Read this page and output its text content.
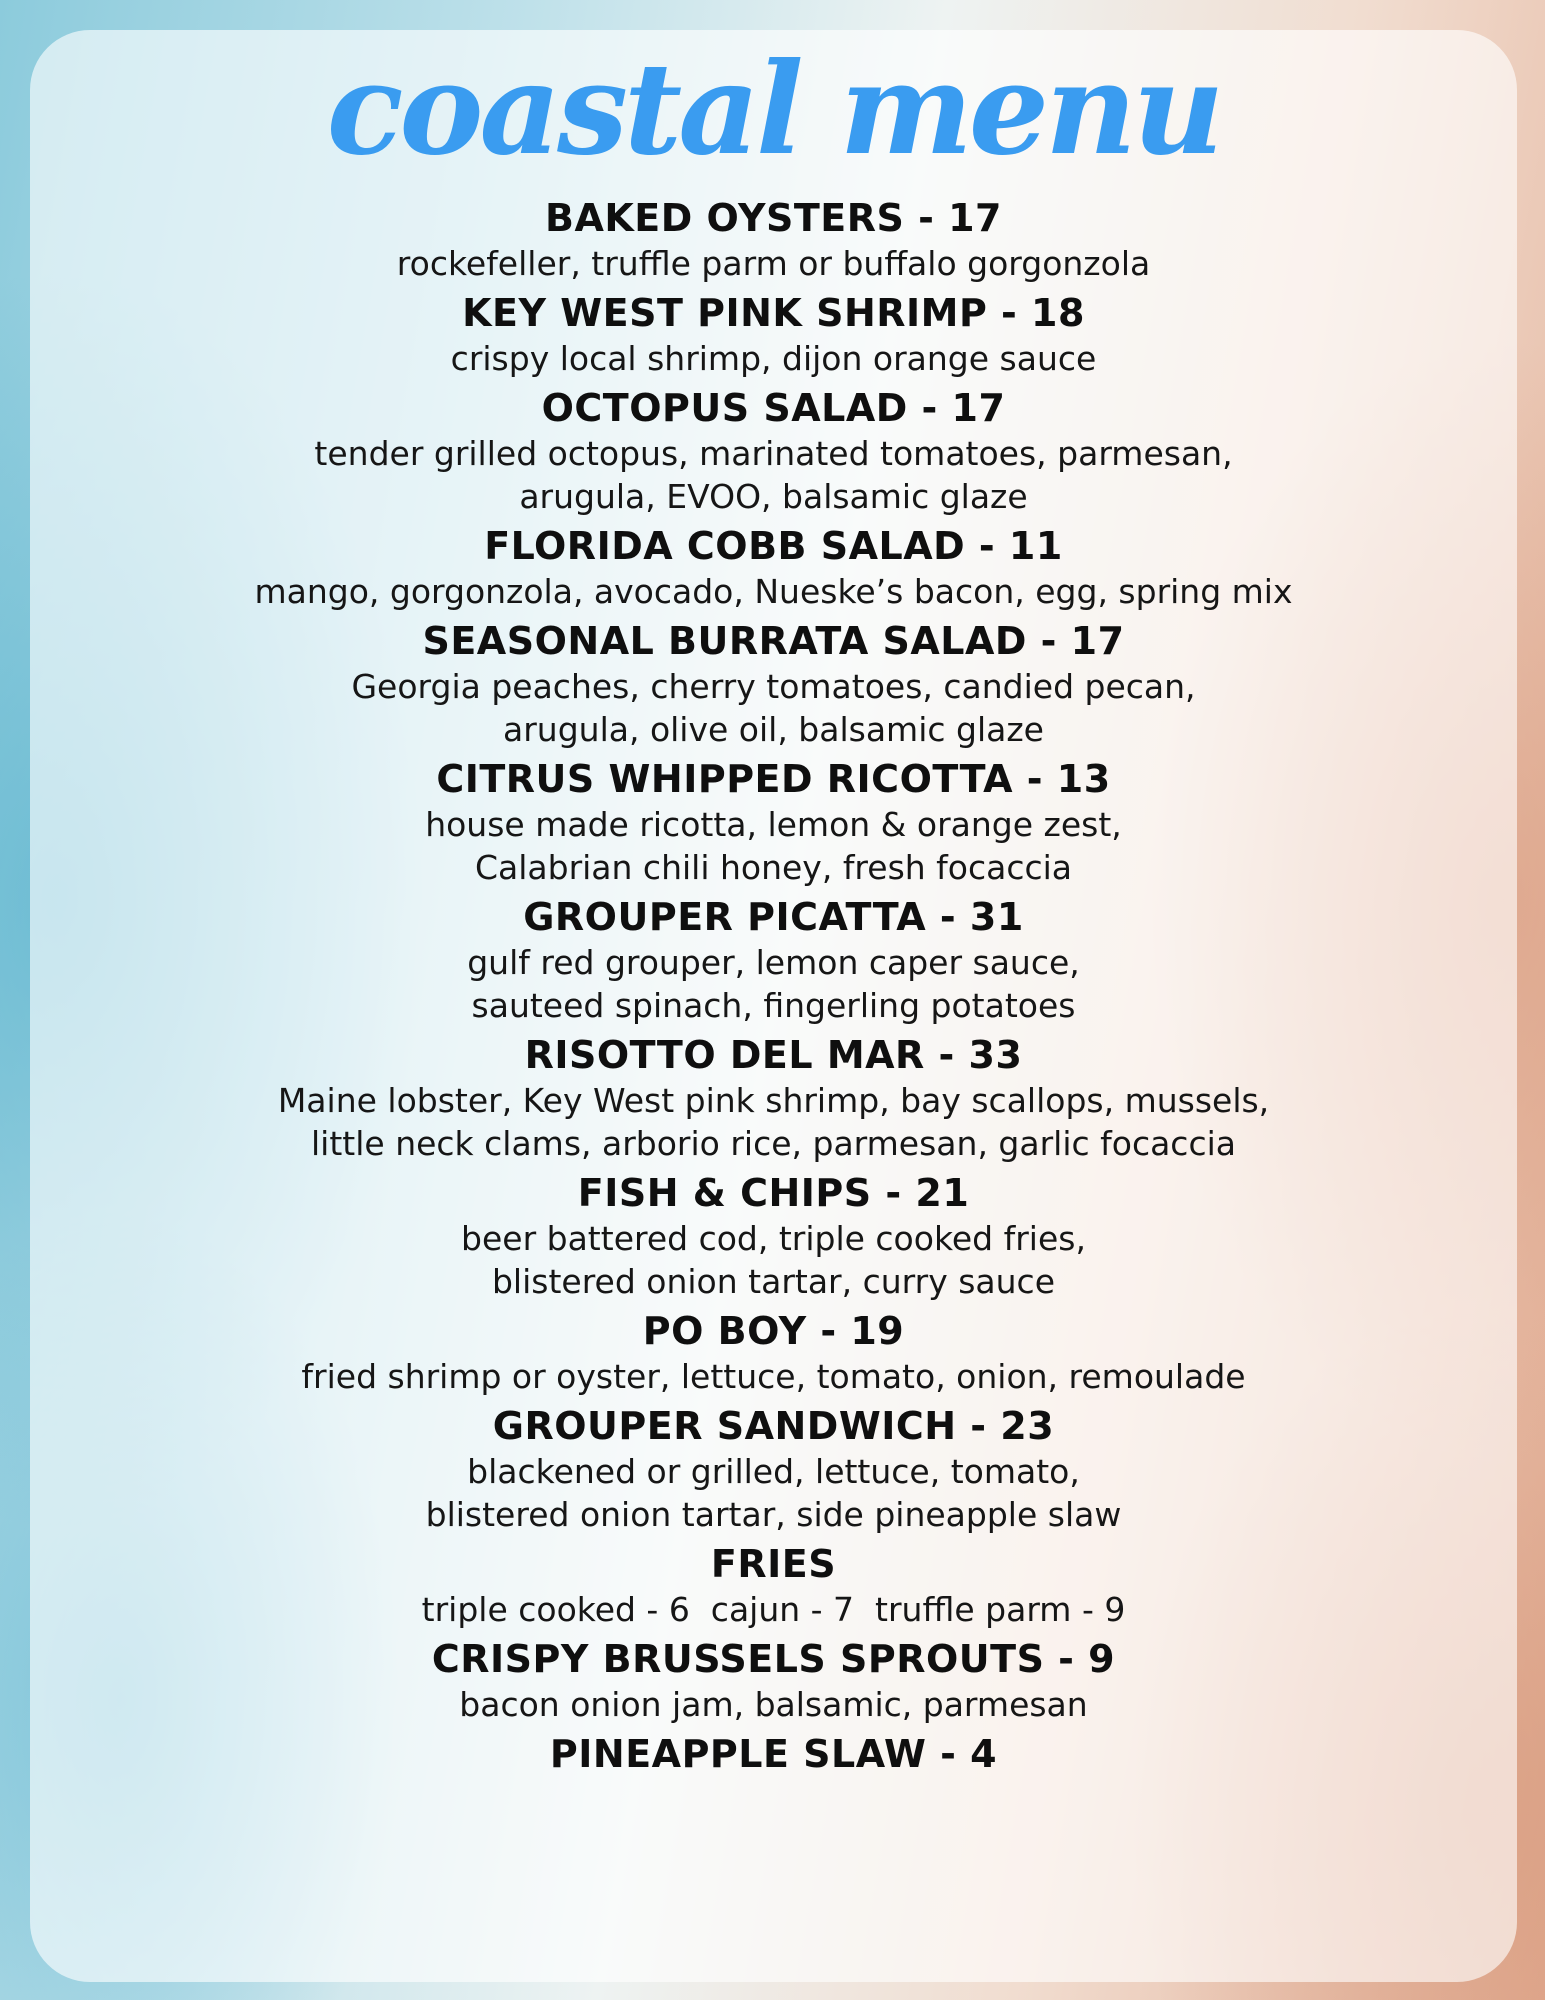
coastal menu
BAKED OYSTERS - 17
rockefeller, truffle parm or buffalo gorgonzola
KEY WEST PINK SHRIMP - 18
crispy local shrimp, dijon orange sauce
OCTOPUS SALAD - 17
tender grilled octopus, marinated tomatoes, parmesan,
arugula, EVOO, balsamic glaze
FLORIDA COBB SALAD - 11
mango, gorgonzola, avocado, Nueske’s bacon, egg, spring mix
SEASONAL BURRATA SALAD - 17
Georgia peaches, cherry tomatoes, candied pecan,
arugula, olive oil, balsamic glaze
CITRUS WHIPPED RICOTTA - 13
house made ricotta, lemon & orange zest,
Calabrian chili honey, fresh focaccia
GROUPER PICATTA - 31
gulf red grouper, lemon caper sauce,
sauteed spinach, fingerling potatoes
RISOTTO DEL MAR - 33
Maine lobster, Key West pink shrimp, bay scallops, mussels,
little neck clams, arborio rice, parmesan, garlic focaccia
FISH & CHIPS - 21
beer battered cod, triple cooked fries,
blistered onion tartar, curry sauce
PO BOY - 19
fried shrimp or oyster, lettuce, tomato, onion, remoulade
GROUPER SANDWICH - 23
blackened or grilled, lettuce, tomato,
blistered onion tartar, side pineapple slaw
FRIES
triple cooked - 6  cajun - 7  truffle parm - 9
CRISPY BRUSSELS SPROUTS - 9
bacon onion jam, balsamic, parmesan
PINEAPPLE SLAW - 4
